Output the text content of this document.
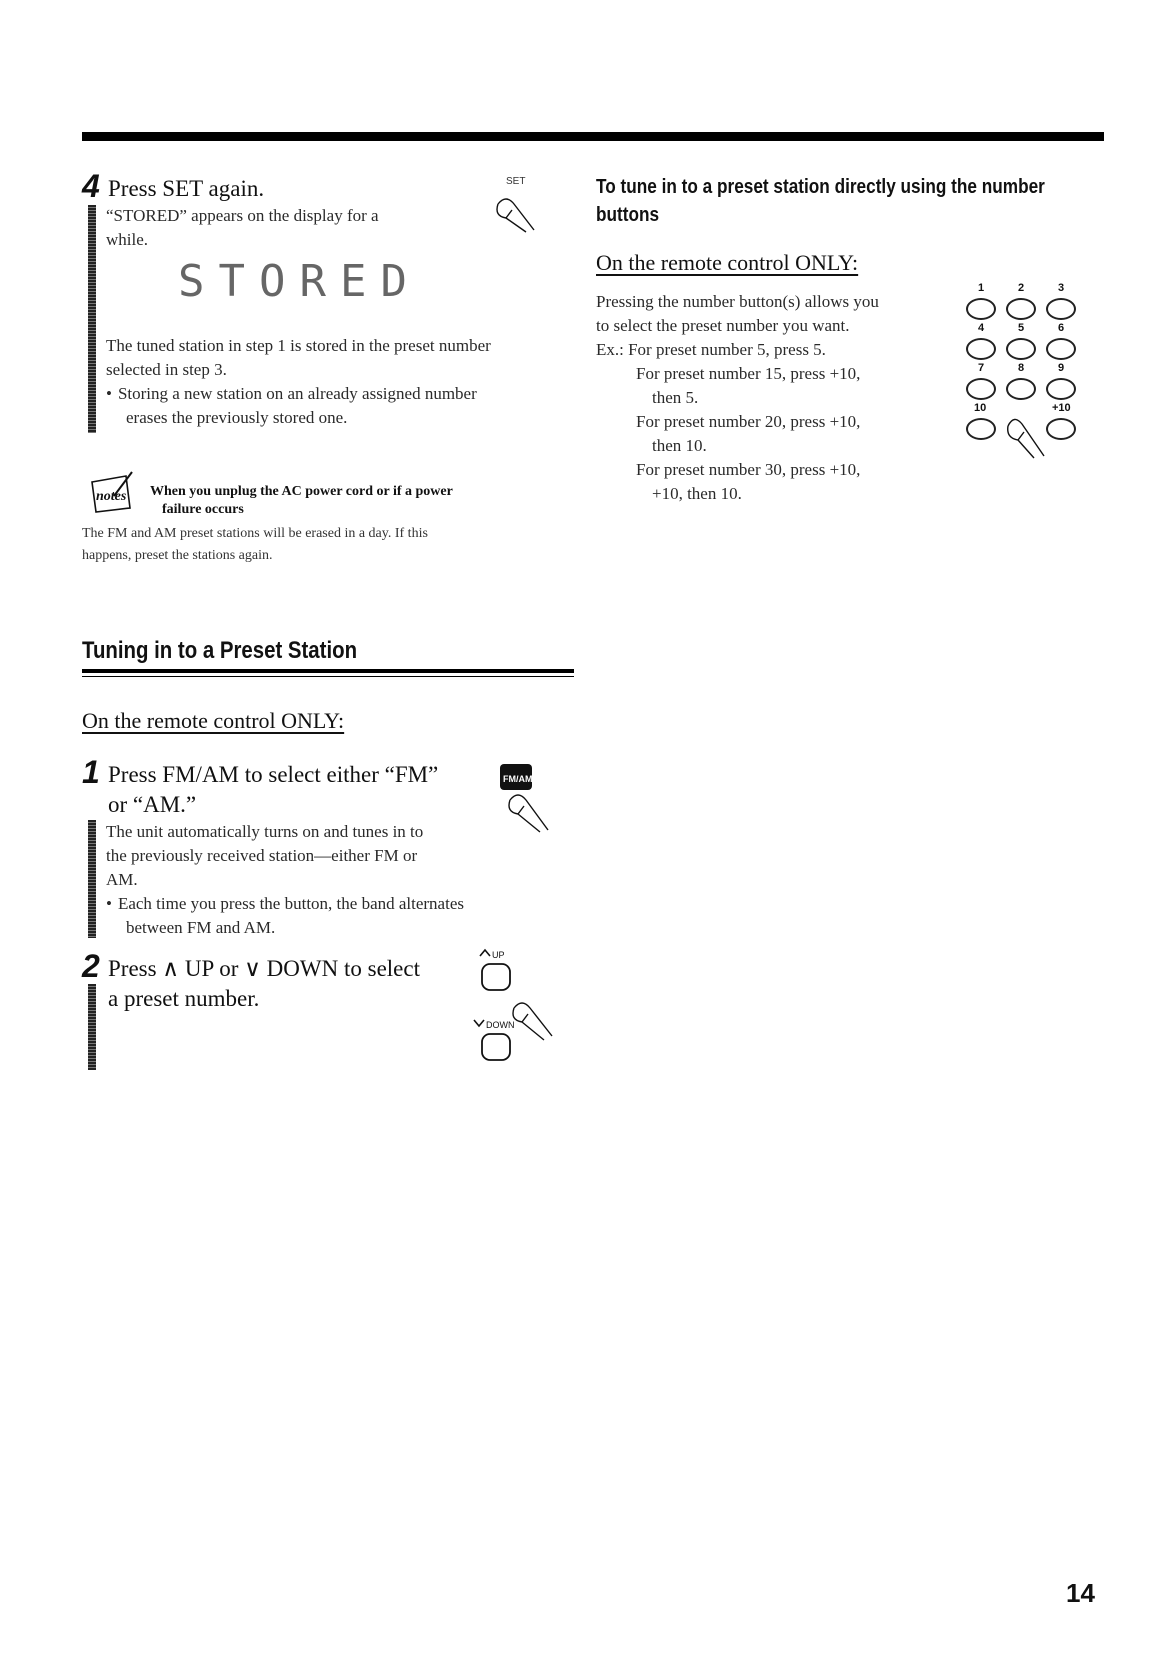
4 Press SET again.	SET
“STORED” appears on the display for a
while.
STORED
The tuned station in step 1 is stored in the preset number
selected in step 3.
• Storing a new station on an already assigned number
erases the previously stored one.
notes When you unplug the AC power cord or if a power
failure occurs
The FM and AM preset stations will be erased in a day. If this
happens, preset the stations again.
To tune in to a preset station directly using the number
buttons
On the remote control ONLY:
Pressing the number button(s) allows you
to select the preset number you want.
Ex.: For preset number 5, press 5.
For preset number 15, press +10,
then 5.
For preset number 20, press +10,
then 10.
For preset number 30, press +10,
+10, then 10.
1	2	3
4	5	6
7	8	9
10	+10
Tuning in to a Preset Station
On the remote control ONLY:
1 Press FM/AM to select either “FM”
or “AM.”
FM/AM
The unit automatically turns on and tunes in to
the previously received station—either FM or
AM.
• Each time you press the button, the band alternates
between FM and AM.
2 Press ∧ UP or ∨ DOWN to select
a preset number.
UP
DOWN
14
